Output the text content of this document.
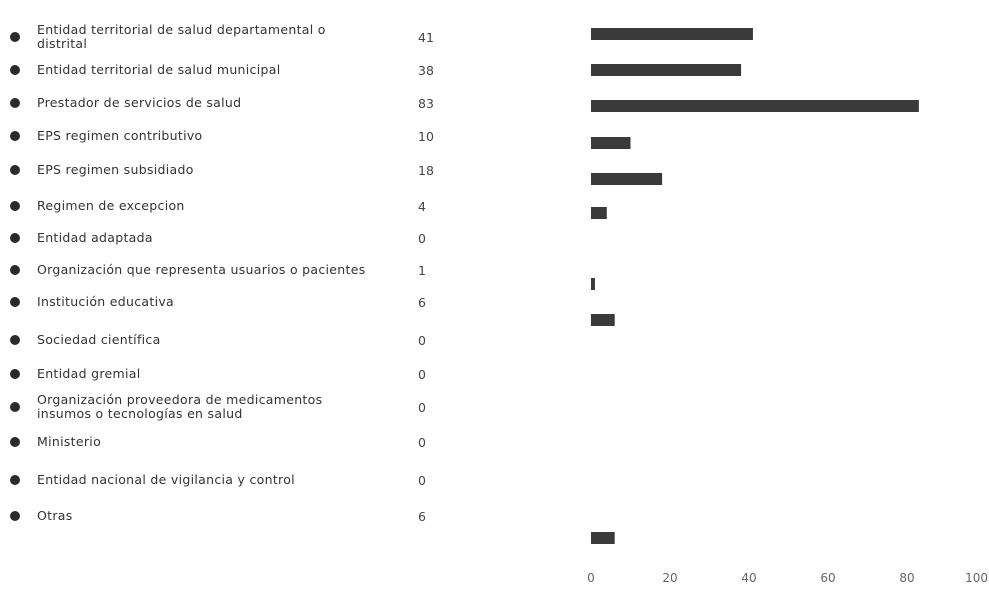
Entidad territorial de salud departamental o distrital	41
Entidad territorial de salud municipal	38
Prestador de servicios de salud	83
EPS regimen contributivo	10
EPS regimen subsidiado	18
Regimen de excepcion	4
Entidad adaptada	0
Organización que representa usuarios o pacientes	1
Institución educativa	6
Sociedad científica	0
Entidad gremial	0
Organización proveedora de medicamentos insumos o tecnologías en salud	0
Ministerio	0
Entidad nacional de vigilancia y control	0
Otras	6
0	20	40	60	80	100
